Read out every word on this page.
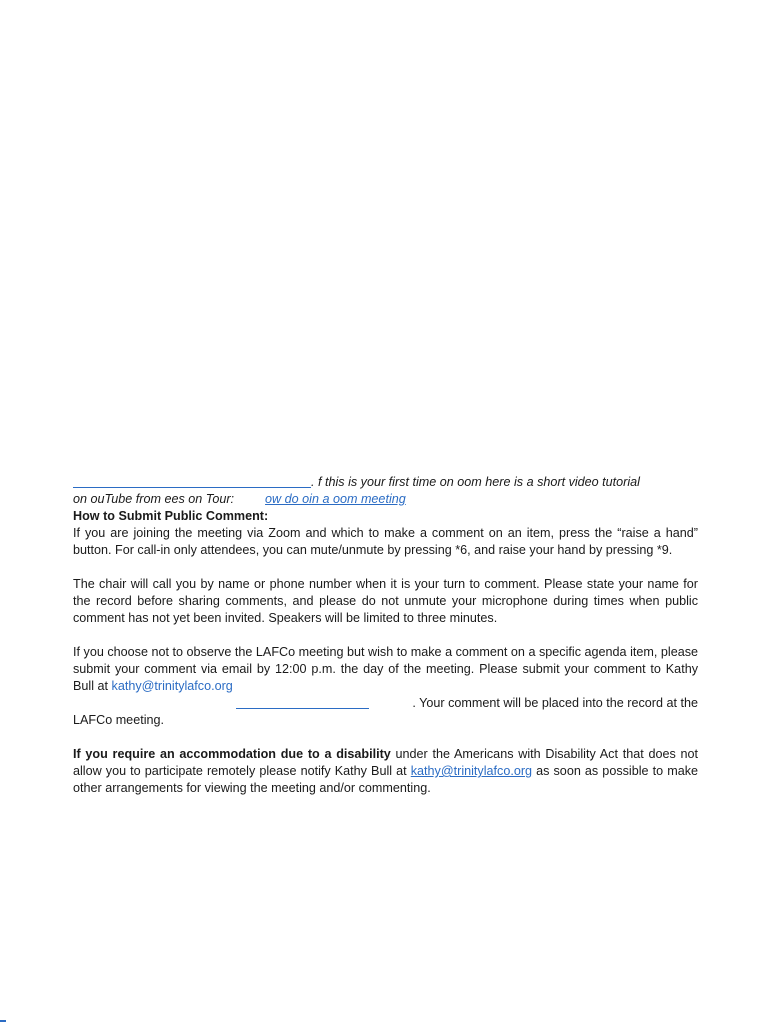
. f this is your first time on oom here is a short video tutorial
on ouTube from ees on Tour: ow do oin a oom meeting
How to Submit Public Comment:

If you are joining the meeting via Zoom and which to make a comment on an item, press the “raise a hand” button. For call-in only attendees, you can mute/unmute by pressing *6, and raise your hand by pressing *9.

The chair will call you by name or phone number when it is your turn to comment. Please state your name for the record before sharing comments, and please do not unmute your microphone during times when public comment has not yet been invited. Speakers will be limited to three minutes.

If you choose not to observe the LAFCo meeting but wish to make a comment on a specific agenda item, please submit your comment via email by 12:00 p.m. the day of the meeting. Please submit your comment to Kathy Bull at kathy@trinitylafco.org

. Your comment will be placed into the record at the
LAFCo meeting.

If you require an accommodation due to a disability under the Americans with Disability Act that does not allow you to participate remotely please notify Kathy Bull at kathy@trinitylafco.org as soon as possible to make other arrangements for viewing the meeting and/or commenting.
